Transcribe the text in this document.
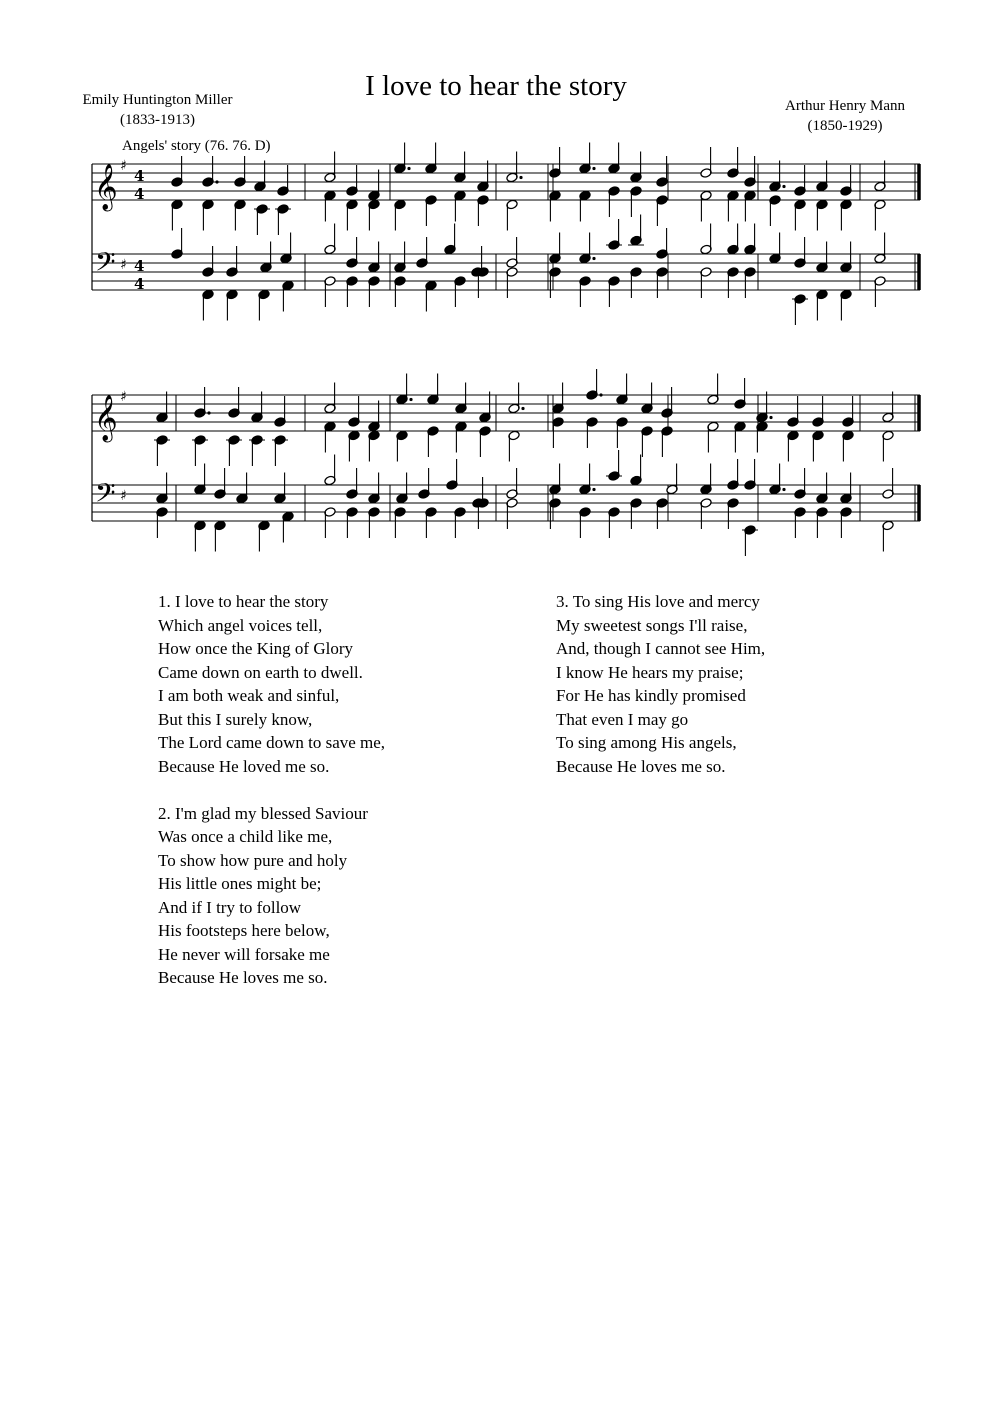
I love to hear the story
Emily Huntington Miller
(1833-1913)
Arthur Henry Mann
(1850-1929)
Angels' story (76. 76. D)
𝄞
𝄢
♯
♯
4
4
4
4
𝄞
𝄢
♯
♯
1. I love to hear the story
Which angel voices tell,
How once the King of Glory
Came down on earth to dwell.
I am both weak and sinful,
But this I surely know,
The Lord came down to save me,
Because He loved me so.
2. I'm glad my blessed Saviour
Was once a child like me,
To show how pure and holy
His little ones might be;
And if I try to follow
His footsteps here below,
He never will forsake me
Because He loves me so.
3. To sing His love and mercy
My sweetest songs I'll raise,
And, though I cannot see Him,
I know He hears my praise;
For He has kindly promised
That even I may go
To sing among His angels,
Because He loves me so.
